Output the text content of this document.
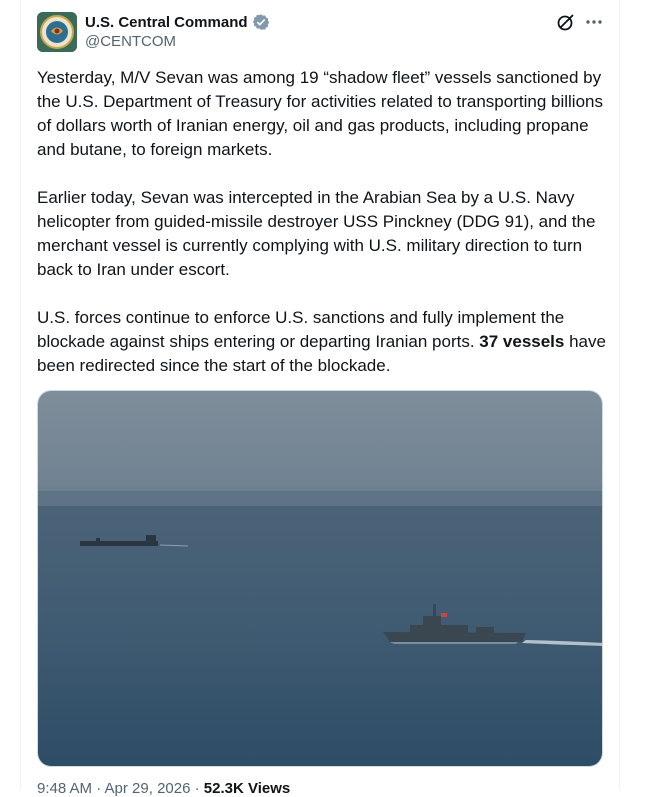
U.S. Central Command
@CENTCOM

Yesterday, M/V Sevan was among 19 “shadow fleet” vessels sanctioned by the U.S. Department of Treasury for activities related to transporting billions of dollars worth of Iranian energy, oil and gas products, including propane and butane, to foreign markets.

Earlier today, Sevan was intercepted in the Arabian Sea by a U.S. Navy helicopter from guided-missile destroyer USS Pinckney (DDG 91), and the merchant vessel is currently complying with U.S. military direction to turn back to Iran under escort.

U.S. forces continue to enforce U.S. sanctions and fully implement the blockade against ships entering or departing Iranian ports. 37 vessels have been redirected since the start of the blockade.

9:48 AM · Apr 29, 2026 · 52.3K Views
